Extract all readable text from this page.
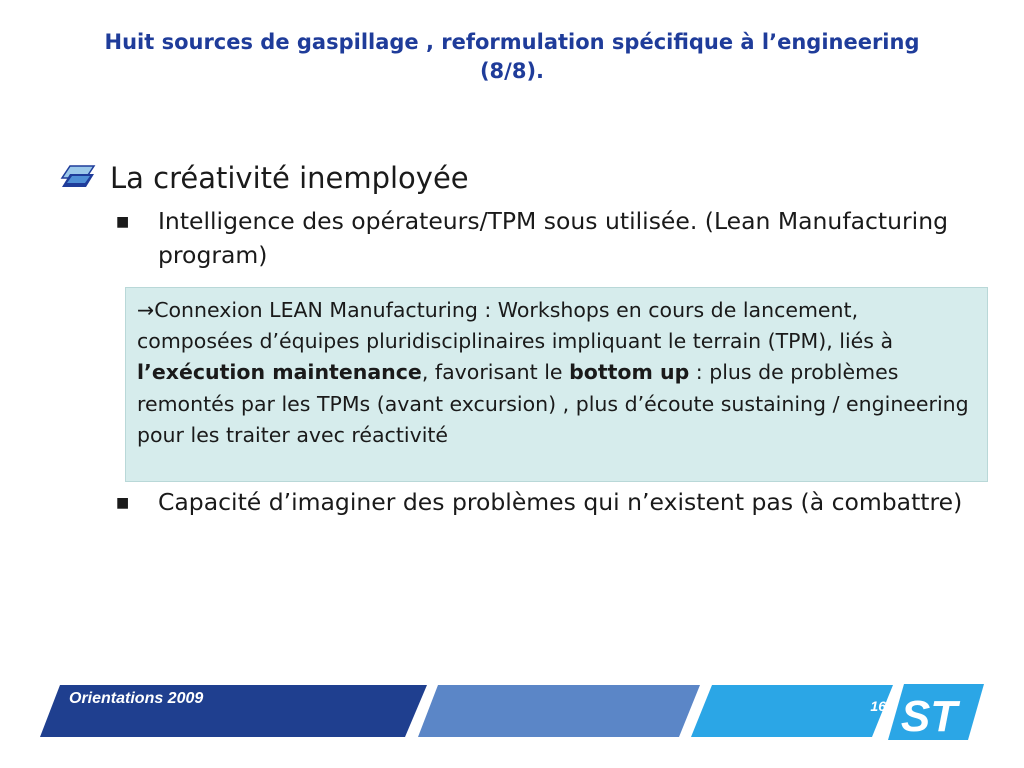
Huit sources de gaspillage , reformulation spécifique à l’engineering (8/8).
La créativité inemployée
■	Intelligence des opérateurs/TPM sous utilisée. (Lean Manufacturing program)
→Connexion LEAN Manufacturing : Workshops en cours de lancement, composées d’équipes pluridisciplinaires impliquant le terrain (TPM), liés à l’exécution maintenance, favorisant le bottom up : plus de problèmes remontés par les TPMs (avant excursion) , plus d’écoute sustaining / engineering pour les traiter avec réactivité
■	Capacité d’imaginer des problèmes qui n’existent pas (à combattre)
ST
Orientations 2009	16
